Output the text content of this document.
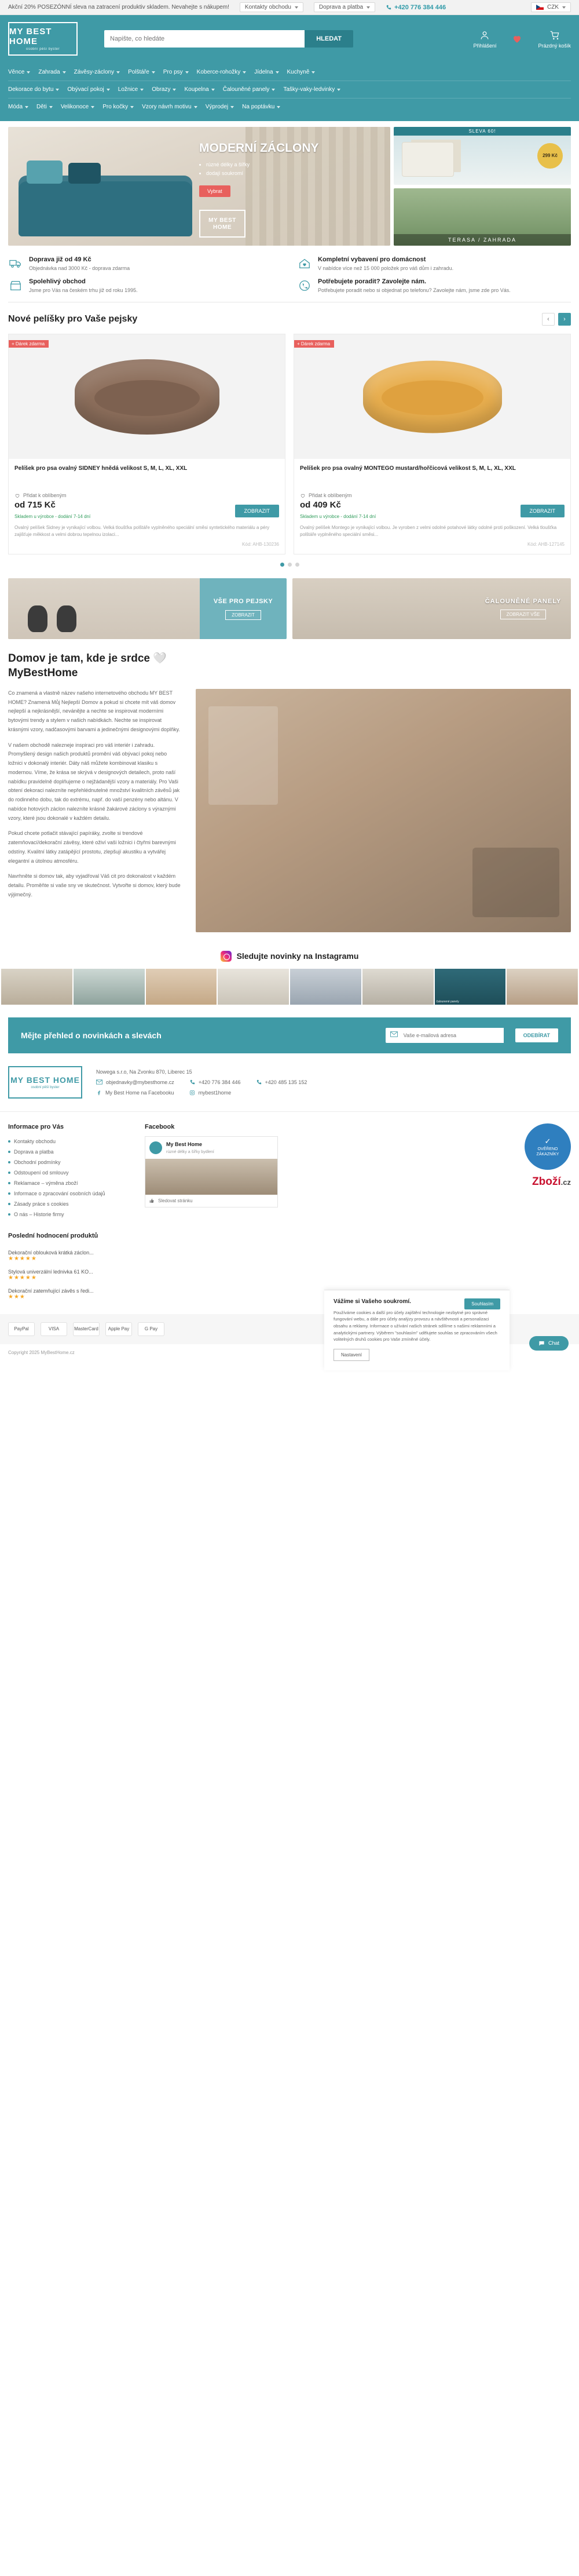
Akční 20% POSEZÓNNÍ sleva na zatracení produktiv skladem. Nevahejte s nákupem!	Kontakty obchodu	Doprava a platba	+420 776 384 446	CZK
MY BEST HOME
osobní pěší byster
Napište, co hledáte
HLEDAT
Přihlášení	Prázdný košík
Věnce Zahrada Závěsy-záclony Polštáře Pro psy Koberce-rohožky Jídelna Kuchyně
Dekorace do bytu Obývací pokoj Ložnice Obrazy Koupelna Čalouněné panely Tašky-vaky-ledvinky
Móda Děti Velikonoce Pro kočky Vzory návrh motivu Výprodej Na poptávku
MODERNÍ ZÁCLONY
• rúzné délky a šířky
• dodají soukromí
Vybrat
MY BEST
HOME
SLEVA 60!
299 Kč
TERASA / ZAHRADA
Doprava již od 49 Kč

Objednávka nad 3000 Kč - doprava zdarma

Kompletní vybavení pro domácnost

V nabídce více než 15 000 položek pro váš dům i zahradu.

Spolehlivý obchod

Jsme pro Vás na českém trhu již od roku 1995.

Potřebujete poradit? Zavolejte nám.

Potřebujete poradit nebo si objednat po telefonu? Zavolejte nám, jsme zde pro Vás.

Nové pelíšky pro Vaše pejsky	‹	›
+ Dárek zdarma
Pelíšek pro psa ovalný SIDNEY hnědá velikost S, M, L, XL, XXL
Přidat k oblíbeným
od 715 Kč
Skladem u výrobce - dodání 7-14 dní
ZOBRAZIT
Ovalný pelíšek Sidney je vynikající volbou. Velká tloušťka polštáře vyplněného speciální směsi syntetického materiálu a péry zajišťuje měkkost a velmi dobrou tepelnou izolaci...
Kód: AHB-130236
+ Dárek zdarma
Pelíšek pro psa ovalný MONTEGO mustard/hořčicová velikost S, M, L, XL, XXL
Přidat k oblíbeným
od 409 Kč
Skladem u výrobce - dodání 7-14 dní
ZOBRAZIT
Ovalný pelíšek Montego je vynikající volbou. Je vyroben z velmi odolné potahové látky odolné proti poškození. Velká tloušťka polštáře vyplněného speciální směsi...
Kód: AHB-127145
VŠE PRO PEJSKY
ZOBRAZIT
ČALOUNĚNÉ PANELY
ZOBRAZIT VŠE
Domov je tam, kde je srdce 🤍 MyBestHome

Co znamená a vlastně název našeho internetového obchodu MY BEST HOME? Znamená Můj Nejlepší Domov a pokud si chcete mít váš domov nejlepší a nejkrásnější, nevánějte a nechte se inspirovat moderními bytovými trendy a stylem v našich nabídkách. Nechte se inspirovat krásnými vzory, nadčasovými barvami a jedinečnými designovými doplňky.

V našem obchodě nalezneje inspiraci pro váš interiér i zahradu. Promyšlený design našich produktů promění váš obývací pokoj nebo ložnici v dokonalý interiér. Dáty náš můžete kombinovat klasiku s modernou. Víme, že krása se skrývá v designových detailech, proto naší nabídku pravidelně doplňujeme o nejžádanější vzory a materiály. Pro Vaši obtení dekoraci nalezníte nepřehlédnutelné množství kvalitních závěsů jak do rodinného dobu, tak do extrému, např. do vaší penzény nebo altánu. V nabídce hotových záclon nalezníte krásné žakárové záclony s výraznými vzory, které jsou dokonalé v každém detailu.

Pokud chcete potlačit stávající papíráky, zvolte si trendové zatemňovací/dekorační závěsy, které oživí vaši ložnici i čtyřmi barevnými odstíny. Kvalitní látky zatápějící prostotu, zlepšují akustiku a vytvářej elegantní a útolnou atmosféru.

Navrhněte si domov tak, aby vyjadřoval Váš cit pro dokonalost v každém detailu. Proměňte si vaše sny ve skutečnost. Vytvořte si domov, který bude výjimečný.

Sledujte novinky na Instagramu
čalounené panely
Mějte přehled o novinkách a slevách
Vaše e-mailová adresa	ODEBÍRAT
MY BEST HOME
osobní pěší byster
Nowega s.r.o, Na Zvonku 870, Liberec 15
objednavky@mybesthome.cz	+420 776 384 446	+420 485 135 152
My Best Home na Facebooku	mybest1home
Informace pro Vás
Kontakty obchodu
Doprava a platba
Obchodní podmínky
Odstoupení od smlouvy
Reklamace – výměna zboží
Informace o zpracování osobních údajů
Zásady práce s cookies
O nás – Historie firmy
Facebook
My Best Home
rúzné délky a šířky bydlení
Sledovat stránku
✓
OVĚŘENO
ZÁKAZNÍKY
Zboží.cz
Poslední hodnocení produktů
Dekorační oblouková krátká záclon...
★★★★★
Stylová univerzální lednivka 61 KO...
★★★★★
Dekorační zatemňující závěs s ředi...
★★★
PayPal	VISA	MasterCard	Apple Pay	G Pay
Copyright 2025 MyBestHome.cz
Souhlasím
Vážíme si Vašeho soukromí.

Používáme cookies a další pro účely zajištění technologie nezbytné pro správné fungování webu, a dále pro účely analýzy provozu a návštěvnosti a personalizaci obsahu a reklamy. Informace o užívání našich stránek sdílíme s našimi reklamními a analytickými partnery. Výběrem "souhlasím" udělujete souhlas se zpracováním všech volitelných druhů cookies pro Vaše zmíněné účely.

Nastavení
Chat
